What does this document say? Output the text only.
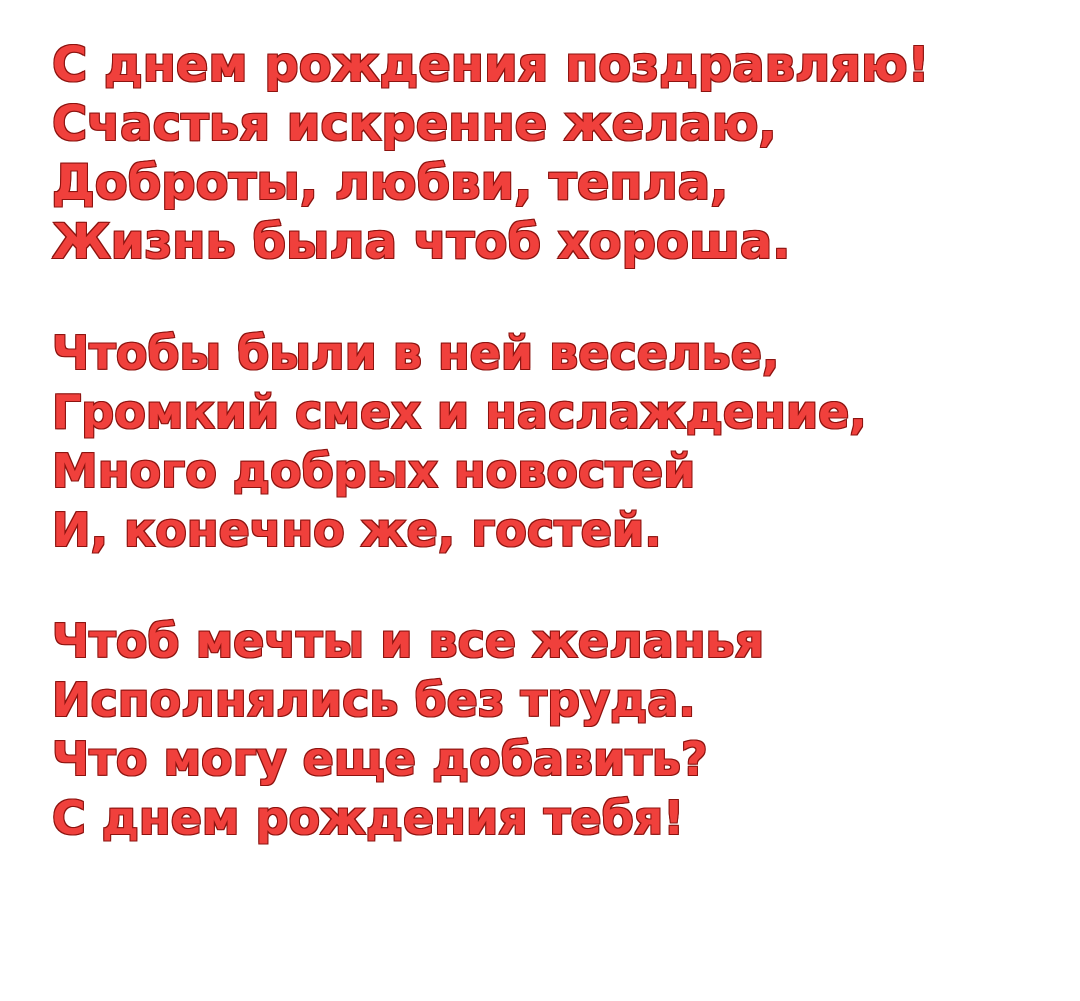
С днем рождения поздравляю!
Счастья искренне желаю,
Доброты, любви, тепла,
Жизнь была чтоб хороша.
Чтобы были в ней веселье,
Громкий смех и наслаждение,
Много добрых новостей
И, конечно же, гостей.
Чтоб мечты и все желанья
Исполнялись без труда.
Что могу еще добавить?
С днем рождения тебя!
